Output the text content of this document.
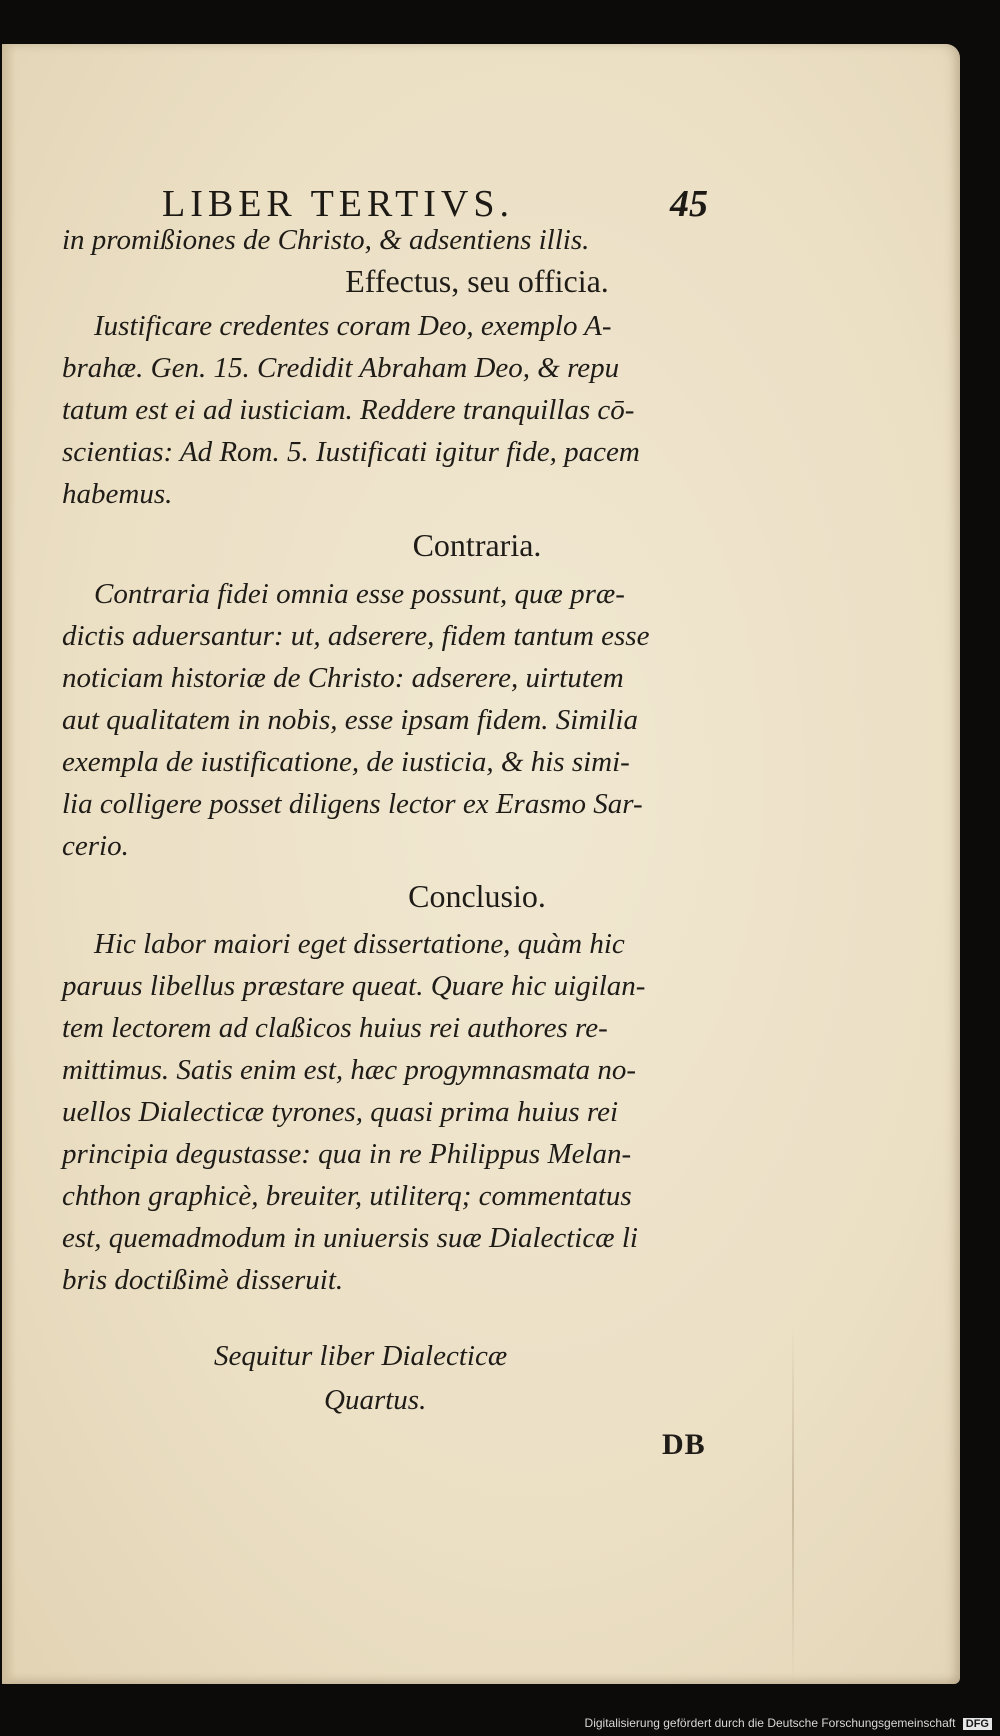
LIBER TERTIVS.	45
in promißiones de Christo, & adsentiens illis.
Effectus, seu officia.
Iustificare credentes coram Deo, exemplo A-
brahæ. Gen. 15. Credidit Abraham Deo, & repu
tatum est ei ad iusticiam. Reddere tranquillas cō-
scientias: Ad Rom. 5. Iustificati igitur fide, pacem
habemus.
Contraria.
Contraria fidei omnia esse possunt, quæ præ-
dictis aduersantur: ut, adserere, fidem tantum esse
noticiam historiæ de Christo: adserere, uirtutem
aut qualitatem in nobis, esse ipsam fidem. Similia
exempla de iustificatione, de iusticia, & his simi-
lia colligere posset diligens lector ex Erasmo Sar-
cerio.
Conclusio.
Hic labor maiori eget dissertatione, quàm hic
paruus libellus præstare queat. Quare hic uigilan-
tem lectorem ad claßicos huius rei authores re-
mittimus. Satis enim est, hæc progymnasmata no-
uellos Dialecticæ tyrones, quasi prima huius rei
principia degustasse: qua in re Philippus Melan-
chthon graphicè, breuiter, utiliterq; commentatus
est, quemadmodum in uniuersis suæ Dialecticæ li
bris doctißimè disseruit.
Sequitur liber Dialecticæ
Quartus.
DB
Digitalisierung gefördert durch die Deutsche Forschungsgemeinschaft DFG
